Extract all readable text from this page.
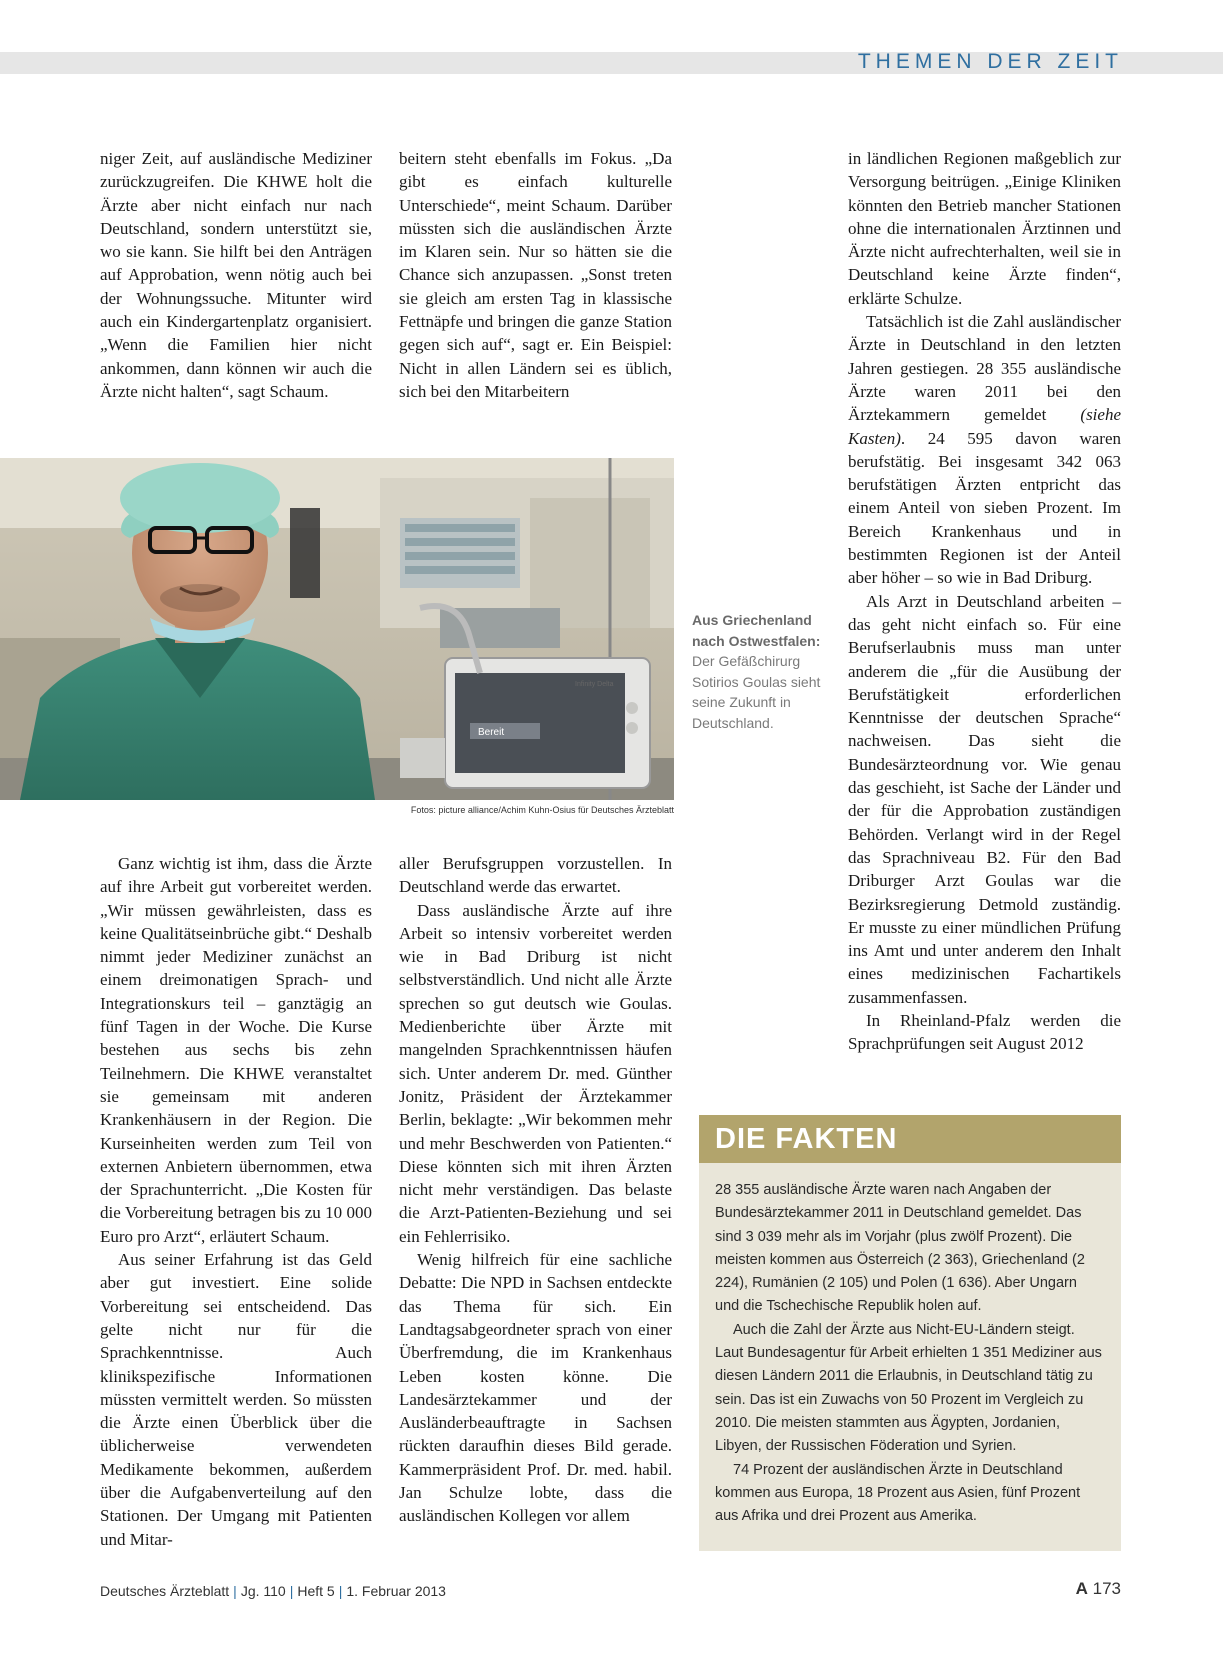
THEMEN DER ZEIT

niger Zeit, auf ausländische Mediziner zurückzugreifen. Die KHWE holt die Ärzte aber nicht einfach nur nach Deutschland, sondern unterstützt sie, wo sie kann. Sie hilft bei den Anträgen auf Approbation, wenn nötig auch bei der Wohnungssuche. Mitunter wird auch ein Kindergartenplatz organisiert. „Wenn die Familien hier nicht ankommen, dann können wir auch die Ärzte nicht halten“, sagt Schaum.

beitern steht ebenfalls im Fokus. „Da gibt es einfach kulturelle Unterschiede“, meint Schaum. Darüber müssten sich die ausländischen Ärzte im Klaren sein. Nur so hätten sie die Chance sich anzupassen. „Sonst treten sie gleich am ersten Tag in klassische Fettnäpfe und bringen die ganze Station gegen sich auf“, sagt er. Ein Beispiel: Nicht in allen Ländern sei es üblich, sich bei den Mitarbeitern

Bereit
Infinity Delta
Fotos: picture alliance/Achim Kuhn-Osius für Deutsches Ärzteblatt
Aus Griechenland nach Ostwestfalen:
Der Gefäßchirurg Sotirios Goulas sieht seine Zukunft in Deutschland.

Ganz wichtig ist ihm, dass die Ärzte auf ihre Arbeit gut vorbereitet werden. „Wir müssen gewährleisten, dass es keine Qualitätseinbrüche gibt.“ Deshalb nimmt jeder Mediziner zunächst an einem dreimonatigen Sprach- und Integrationskurs teil – ganztägig an fünf Tagen in der Woche. Die Kurse bestehen aus sechs bis zehn Teilnehmern. Die KHWE veranstaltet sie gemeinsam mit anderen Krankenhäusern in der Region. Die Kurseinheiten werden zum Teil von externen Anbietern übernommen, etwa der Sprachunterricht. „Die Kosten für die Vorbereitung betragen bis zu 10 000 Euro pro Arzt“, erläutert Schaum.

Aus seiner Erfahrung ist das Geld aber gut investiert. Eine solide Vorbereitung sei entscheidend. Das gelte nicht nur für die Sprachkenntnisse. Auch klinikspezifische Informationen müssten vermittelt werden. So müssten die Ärzte einen Überblick über die üblicherweise verwendeten Medikamente bekommen, außerdem über die Aufgabenverteilung auf den Stationen. Der Umgang mit Patienten und Mitar-

aller Berufsgruppen vorzustellen. In Deutschland werde das erwartet.

Dass ausländische Ärzte auf ihre Arbeit so intensiv vorbereitet werden wie in Bad Driburg ist nicht selbstverständlich. Und nicht alle Ärzte sprechen so gut deutsch wie Goulas. Medienberichte über Ärzte mit mangelnden Sprachkenntnissen häufen sich. Unter anderem Dr. med. Günther Jonitz, Präsident der Ärztekammer Berlin, beklagte: „Wir bekommen mehr und mehr Beschwerden von Patienten.“ Diese könnten sich mit ihren Ärzten nicht mehr verständigen. Das belaste die Arzt-Patienten-Beziehung und sei ein Fehlerrisiko.

Wenig hilfreich für eine sachliche Debatte: Die NPD in Sachsen entdeckte das Thema für sich. Ein Landtagsabgeordneter sprach von einer Überfremdung, die im Krankenhaus Leben kosten könne. Die Landesärztekammer und der Ausländerbeauftragte in Sachsen rückten daraufhin dieses Bild gerade. Kammerpräsident Prof. Dr. med. habil. Jan Schulze lobte, dass die ausländischen Kollegen vor allem

in ländlichen Regionen maßgeblich zur Versorgung beitrügen. „Einige Kliniken könnten den Betrieb mancher Stationen ohne die internationalen Ärztinnen und Ärzte nicht aufrechterhalten, weil sie in Deutschland keine Ärzte finden“, erklärte Schulze.

Tatsächlich ist die Zahl ausländischer Ärzte in Deutschland in den letzten Jahren gestiegen. 28 355 ausländische Ärzte waren 2011 bei den Ärztekammern gemeldet (siehe Kasten). 24 595 davon waren berufstätig. Bei insgesamt 342 063 berufstätigen Ärzten entpricht das einem Anteil von sieben Prozent. Im Bereich Krankenhaus und in bestimmten Regionen ist der Anteil aber höher – so wie in Bad Driburg.

Als Arzt in Deutschland arbeiten – das geht nicht einfach so. Für eine Berufserlaubnis muss man unter anderem die „für die Ausübung der Berufstätigkeit erforderlichen Kenntnisse der deutschen Sprache“ nachweisen. Das sieht die Bundesärzteordnung vor. Wie genau das geschieht, ist Sache der Länder und der für die Approbation zuständigen Behörden. Verlangt wird in der Regel das Sprachniveau B2. Für den Bad Driburger Arzt Goulas war die Bezirksregierung Detmold zuständig. Er musste zu einer mündlichen Prüfung ins Amt und unter anderem den Inhalt eines medizinischen Fachartikels zusammenfassen.

In Rheinland-Pfalz werden die Sprachprüfungen seit August 2012

DIE FAKTEN

28 355 ausländische Ärzte waren nach Angaben der Bundesärztekammer 2011 in Deutschland gemeldet. Das sind 3 039 mehr als im Vorjahr (plus zwölf Prozent). Die meisten kommen aus Österreich (2 363), Griechenland (2 224), Rumänien (2 105) und Polen (1 636). Aber Ungarn und die Tschechische Republik holen auf.

Auch die Zahl der Ärzte aus Nicht-EU-Ländern steigt. Laut Bundesagentur für Arbeit erhielten 1 351 Mediziner aus diesen Ländern 2011 die Erlaubnis, in Deutschland tätig zu sein. Das ist ein Zuwachs von 50 Prozent im Vergleich zu 2010. Die meisten stammten aus Ägypten, Jordanien, Libyen, der Russischen Föderation und Syrien.

74 Prozent der ausländischen Ärzte in Deutschland kommen aus Europa, 18 Prozent aus Asien, fünf Prozent aus Afrika und drei Prozent aus Amerika.

Deutsches Ärzteblatt | Jg. 110 | Heft 5 | 1. Februar 2013	A 173
